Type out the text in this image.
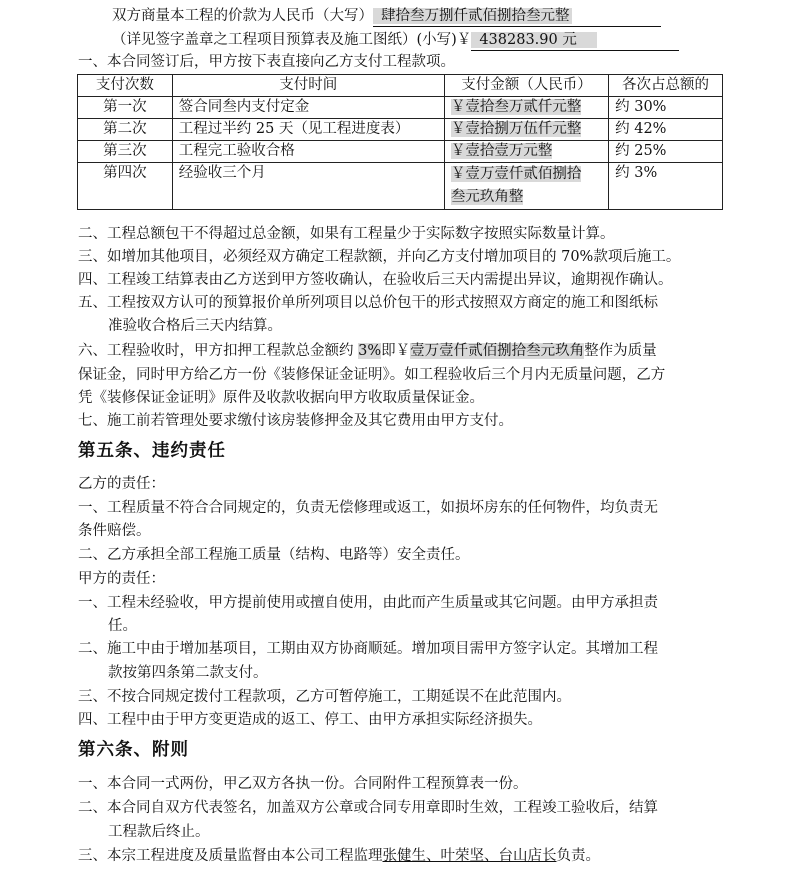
双方商量本工程的价款为人民币（大写） 肆拾叁万捌仟贰佰捌拾叁元整
（详见签字盖章之工程项目预算表及施工图纸）(小写)￥ 438283.90 元
一、本合同签订后，甲方按下表直接向乙方支付工程款项。
支付次数	支付时间	支付金额（人民币）	各次占总额的
第一次	签合同叁内支付定金	￥壹拾叁万贰仟元整	约 30%
第二次	工程过半约 25 天（见工程进度表）	￥壹拾捌万伍仟元整	约 42%
第三次	工程完工验收合格	￥壹拾壹万元整	约 25%
第四次	经验收三个月	￥壹万壹仟贰佰捌拾
叁元玖角整	约 3%
二、工程总额包干不得超过总金额，如果有工程量少于实际数字按照实际数量计算。
三、如增加其他项目，必须经双方确定工程款额，并向乙方支付增加项目的 70%款项后施工。
四、工程竣工结算表由乙方送到甲方签收确认，在验收后三天内需提出异议，逾期视作确认。
五、工程按双方认可的预算报价单所列项目以总价包干的形式按照双方商定的施工和图纸标
准验收合格后三天内结算。
六、工程验收时，甲方扣押工程款总金额约 3%即￥壹万壹仟贰佰捌拾叁元玖角整作为质量
保证金，同时甲方给乙方一份《装修保证金证明》。如工程验收后三个月内无质量问题，乙方
凭《装修保证金证明》原件及收款收据向甲方收取质量保证金。
七、施工前若管理处要求缴付该房装修押金及其它费用由甲方支付。
第五条、违约责任
乙方的责任：
一、工程质量不符合合同规定的，负责无偿修理或返工，如损坏房东的任何物件，均负责无
条件赔偿。
二、乙方承担全部工程施工质量（结构、电路等）安全责任。
甲方的责任：
一、工程未经验收，甲方提前使用或擅自使用，由此而产生质量或其它问题。由甲方承担责
任。
二、施工中由于增加基项目，工期由双方协商顺延。增加项目需甲方签字认定。其增加工程
款按第四条第二款支付。
三、不按合同规定拨付工程款项，乙方可暂停施工，工期延误不在此范围内。
四、工程中由于甲方变更造成的返工、停工、由甲方承担实际经济损失。
第六条、附则
一、本合同一式两份，甲乙双方各执一份。合同附件工程预算表一份。
二、本合同自双方代表签名，加盖双方公章或合同专用章即时生效，工程竣工验收后，结算
工程款后终止。
三、本宗工程进度及质量监督由本公司工程监理张健生、叶荣坚、台山店长负责。
